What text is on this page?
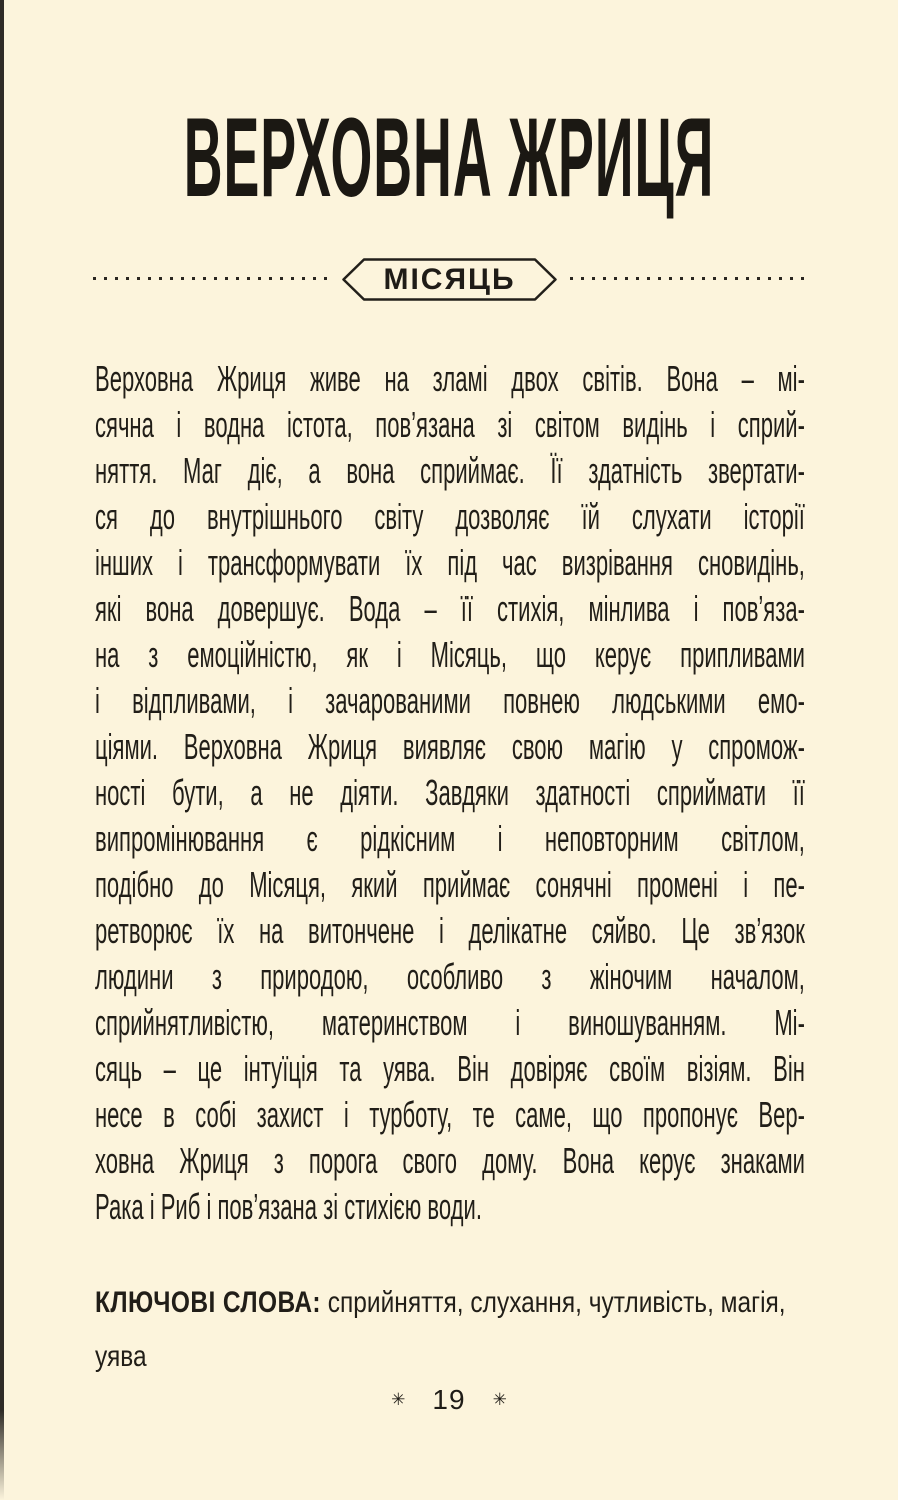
ВЕРХОВНА ЖРИЦЯ
МІСЯЦЬ
Верховна Жриця живе на зламі двох світів. Вона – мі-
сячна і водна істота, пов’язана зі світом видінь і сприй-
няття. Маг діє, а вона сприймає. Її здатність звертати-
ся до внутрішнього світу дозволяє їй слухати історії
інших і трансформувати їх під час визрівання сновидінь,
які вона довершує. Вода – її стихія, мінлива і пов’яза-
на з емоційністю, як і Місяць, що керує припливами
і відпливами, і зачарованими повнею людськими емо-
ціями. Верховна Жриця виявляє свою магію у спромож-
ності бути, а не діяти. Завдяки здатності сприймати її
випромінювання є рідкісним і неповторним світлом,
подібно до Місяця, який приймає сонячні промені і пе-
ретворює їх на витончене і делікатне сяйво. Це зв’язок
людини з природою, особливо з жіночим началом,
сприйнятливістю, материнством і виношуванням. Мі-
сяць – це інтуїція та уява. Він довіряє своїм візіям. Він
несе в собі захист і турботу, те саме, що пропонує Вер-
ховна Жриця з порога свого дому. Вона керує знаками
Рака і Риб і пов’язана зі стихією води.
КЛЮЧОВІ СЛОВА: сприйняття, слухання, чутливість, магія, уява
✳ 19 ✳
